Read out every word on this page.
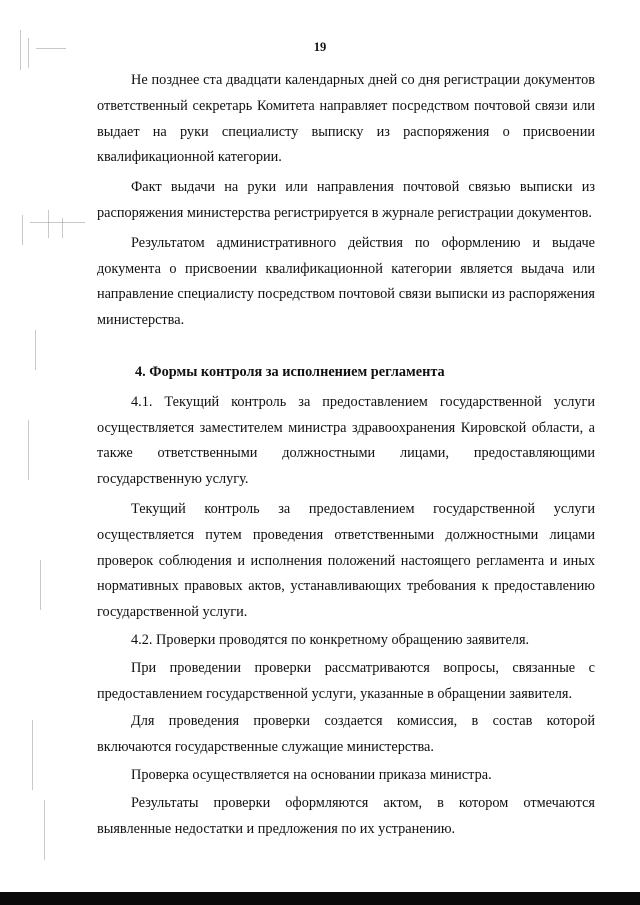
19

Не позднее ста двадцати календарных дней со дня регистрации документов ответственный секретарь Комитета направляет посредством почтовой связи или выдает на руки специалисту выписку из распоряжения о присвоении квалификационной категории.

Факт выдачи на руки или направления почтовой связью выписки из распоряжения министерства регистрируется в журнале регистрации документов.

Результатом административного действия по оформлению и выдаче документа о присвоении квалификационной категории является выдача или направление специалисту посредством почтовой связи выписки из распоряжения министерства.

4. Формы контроля за исполнением регламента

4.1. Текущий контроль за предоставлением государственной услуги осуществляется заместителем министра здравоохранения Кировской области, а также ответственными должностными лицами, предоставляющими государственную услугу.

Текущий контроль за предоставлением государственной услуги осуществляется путем проведения ответственными должностными лицами проверок соблюдения и исполнения положений настоящего регламента и иных нормативных правовых актов, устанавливающих требования к предоставлению государственной услуги.

4.2. Проверки проводятся по конкретному обращению заявителя.

При проведении проверки рассматриваются вопросы, связанные с предоставлением государственной услуги, указанные в обращении заявителя.

Для проведения проверки создается комиссия, в состав которой включаются государственные служащие министерства.

Проверка осуществляется на основании приказа министра.

Результаты проверки оформляются актом, в котором отмечаются выявленные недостатки и предложения по их устранению.
